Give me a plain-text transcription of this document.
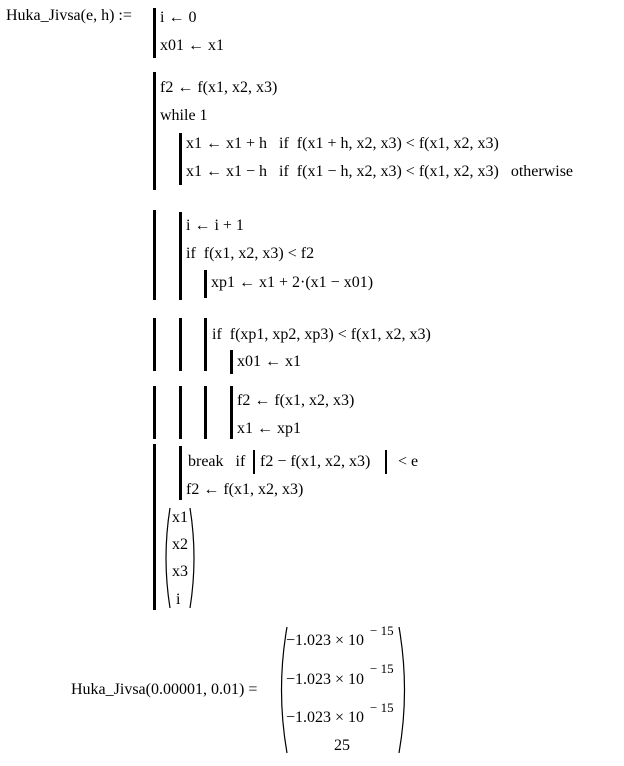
Huka_Jivsa(e, h) := i ← 0
x01 ← x1
f2 ← f(x1, x2, x3)
while 1
x1 ← x1 + h   if  f(x1 + h, x2, x3) < f(x1, x2, x3)
x1 ← x1 − h   if  f(x1 − h, x2, x3) < f(x1, x2, x3)   otherwise
i ← i + 1
if  f(x1, x2, x3) < f2
xp1 ← x1 + 2·(x1 − x01)
if  f(xp1, xp2, xp3) < f(x1, x2, x3)
x01 ← x1
f2 ← f(x1, x2, x3)
x1 ← xp1
break   if f2 − f(x1, x2, x3) < e
f2 ← f(x1, x2, x3)
x1
x2
x3
i
Huka_Jivsa(0.00001, 0.01) =
−1.023 × 10
− 15
−1.023 × 10
− 15
−1.023 × 10
− 15
25
